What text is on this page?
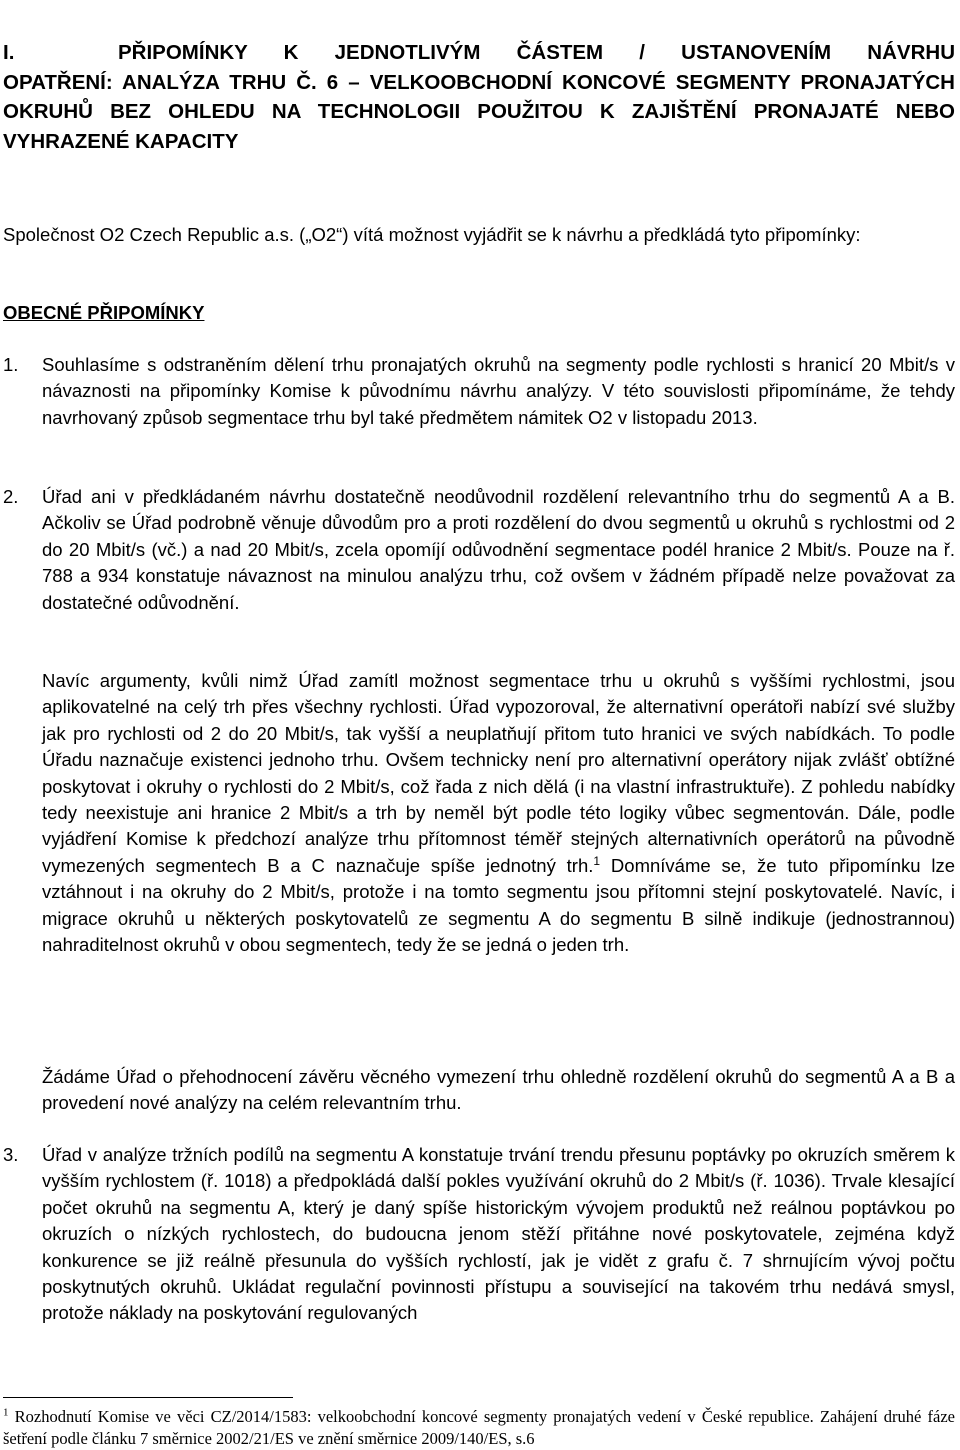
I.	PŘIPOMÍNKY K JEDNOTLIVÝM ČÁSTEM / USTANOVENÍM NÁVRHU
OPATŘENÍ: ANALÝZA TRHU Č. 6 – VELKOOBCHODNÍ KONCOVÉ SEGMENTY PRONAJATÝCH OKRUHŮ BEZ OHLEDU NA TECHNOLOGII POUŽITOU K ZAJIŠTĚNÍ PRONAJATÉ NEBO VYHRAZENÉ KAPACITY

Společnost O2 Czech Republic a.s. („O2“) vítá možnost vyjádřit se k návrhu a předkládá tyto připomínky:

OBECNÉ PŘIPOMÍNKY
1.	Souhlasíme s odstraněním dělení trhu pronajatých okruhů na segmenty podle rychlosti s hranicí 20 Mbit/s v návaznosti na připomínky Komise k původnímu návrhu analýzy. V této souvislosti připomínáme, že tehdy navrhovaný způsob segmentace trhu byl také předmětem námitek O2 v listopadu 2013.

2.	Úřad ani v předkládaném návrhu dostatečně neodůvodnil rozdělení relevantního trhu do segmentů A a B. Ačkoliv se Úřad podrobně věnuje důvodům pro a proti rozdělení do dvou segmentů u okruhů s rychlostmi od 2 do 20 Mbit/s (vč.) a nad 20 Mbit/s, zcela opomíjí odůvodnění segmentace podél hranice 2 Mbit/s. Pouze na ř. 788 a 934 konstatuje návaznost na minulou analýzu trhu, což ovšem v žádném případě nelze považovat za dostatečné odůvodnění.

Navíc argumenty, kvůli nimž Úřad zamítl možnost segmentace trhu u okruhů s vyššími rychlostmi, jsou aplikovatelné na celý trh přes všechny rychlosti. Úřad vypozoroval, že alternativní operátoři nabízí své služby jak pro rychlosti od 2 do 20 Mbit/s, tak vyšší a neuplatňují přitom tuto hranici ve svých nabídkách. To podle Úřadu naznačuje existenci jednoho trhu. Ovšem technicky není pro alternativní operátory nijak zvlášť obtížné poskytovat i okruhy o rychlosti do 2 Mbit/s, což řada z nich dělá (i na vlastní infrastruktuře). Z pohledu nabídky tedy neexistuje ani hranice 2 Mbit/s a trh by neměl být podle této logiky vůbec segmentován. Dále, podle vyjádření Komise k předchozí analýze trhu přítomnost téměř stejných alternativních operátorů na původně vymezených segmentech B a C naznačuje spíše jednotný trh.$^1$ Domníváme se, že tuto připomínku lze vztáhnout i na okruhy do 2 Mbit/s, protože i na tomto segmentu jsou přítomni stejní poskytovatelé. Navíc, i migrace okruhů u některých poskytovatelů ze segmentu A do segmentu B silně indikuje (jednostrannou) nahraditelnost okruhů v obou segmentech, tedy že se jedná o jeden trh.

Žádáme Úřad o přehodnocení závěru věcného vymezení trhu ohledně rozdělení okruhů do segmentů A a B a provedení nové analýzy na celém relevantním trhu.

3.	Úřad v analýze tržních podílů na segmentu A konstatuje trvání trendu přesunu poptávky po okruzích směrem k vyšším rychlostem (ř. 1018) a předpokládá další pokles využívání okruhů do 2 Mbit/s (ř. 1036). Trvale klesající počet okruhů na segmentu A, který je daný spíše historickým vývojem produktů než reálnou poptávkou po okruzích o nízkých rychlostech, do budoucna jenom stěží přitáhne nové poskytovatele, zejména když konkurence se již reálně přesunula do vyšších rychlostí, jak je vidět z grafu č. 7 shrnujícím vývoj počtu poskytnutých okruhů. Ukládat regulační povinnosti přístupu a související na takovém trhu nedává smysl, protože náklady na poskytování regulovaných

$^1$ Rozhodnutí Komise ve věci CZ/2014/1583: velkoobchodní koncové segmenty pronajatých vedení v České republice. Zahájení druhé fáze šetření podle článku 7 směrnice 2002/21/ES ve znění směrnice 2009/140/ES, s.6
